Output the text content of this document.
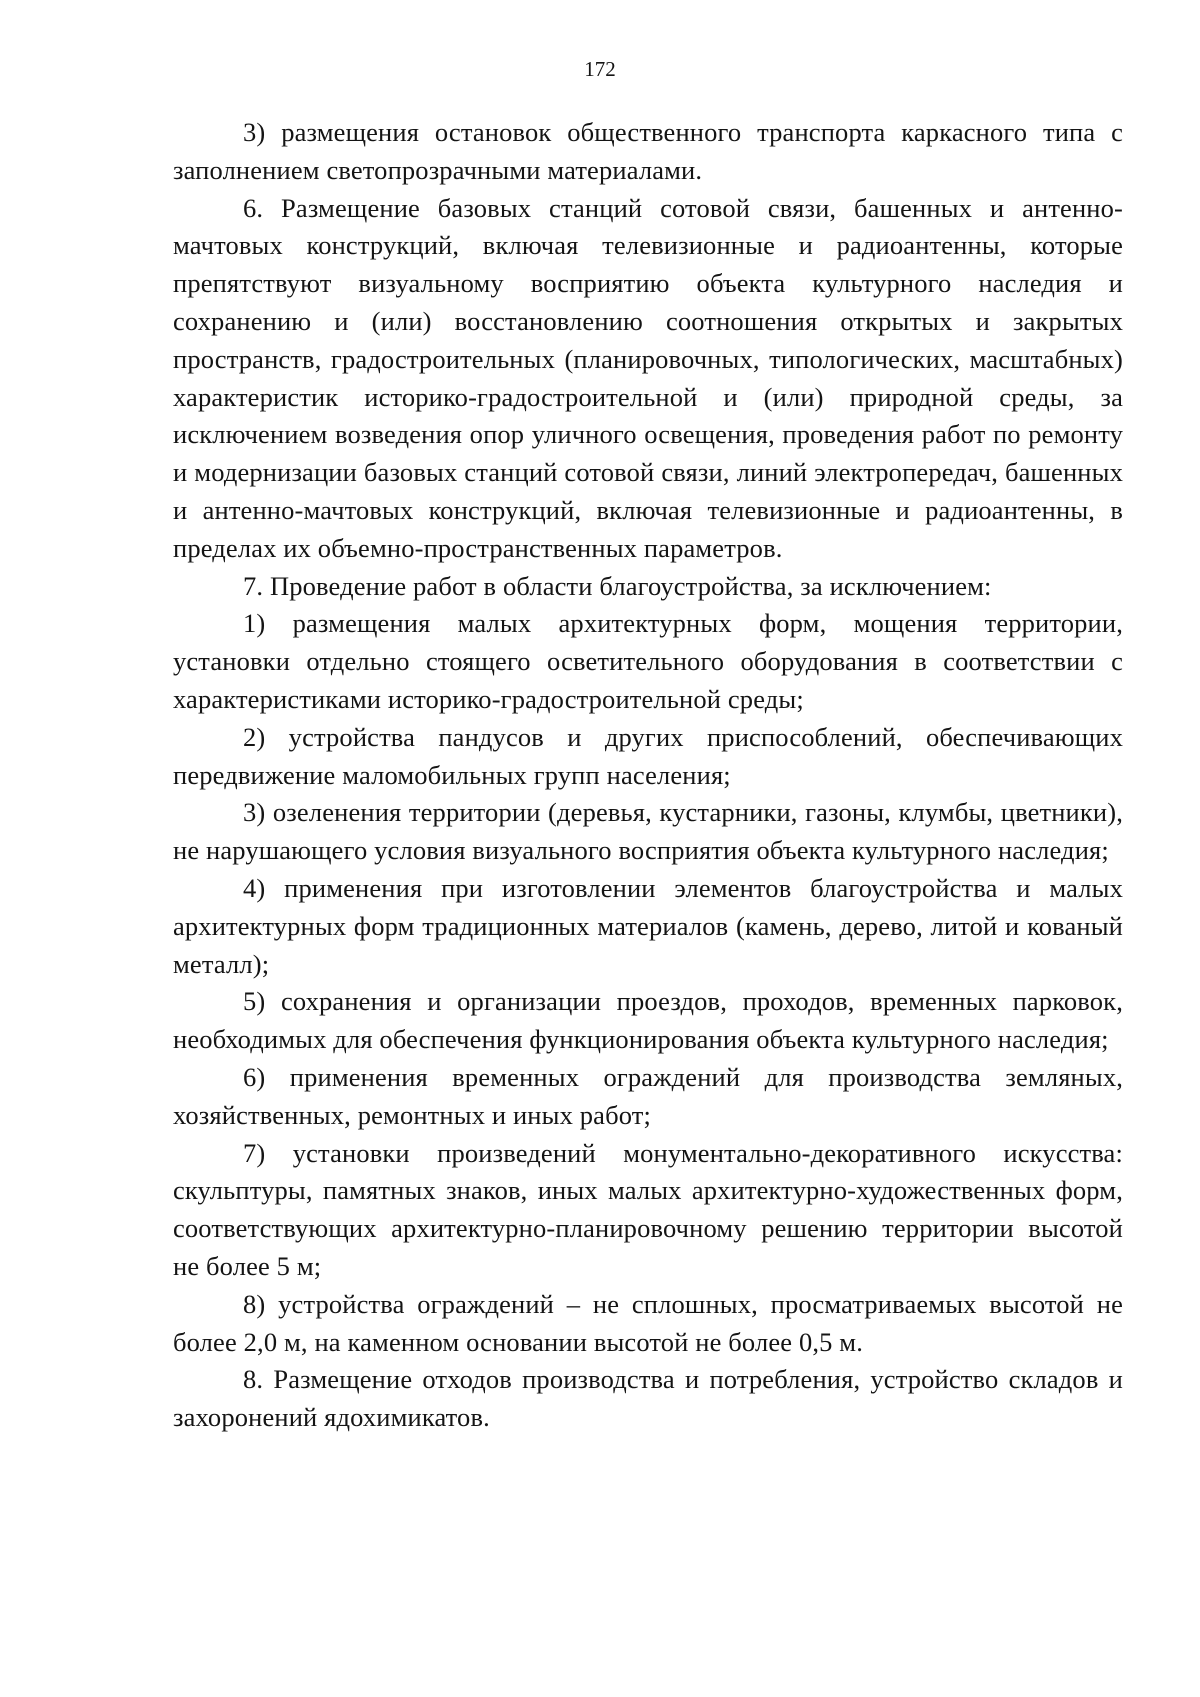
172

3) размещения остановок общественного транспорта каркасного типа с заполнением светопрозрачными материалами.

6. Размещение базовых станций сотовой связи, башенных и антенно-мачтовых конструкций, включая телевизионные и радиоантенны, которые препятствуют визуальному восприятию объекта культурного наследия и сохранению и (или) восстановлению соотношения открытых и закрытых пространств, градостроительных (планировочных, типологических, масштабных) характеристик историко-градостроительной и (или) природной среды, за исключением возведения опор уличного освещения, проведения работ по ремонту и модернизации базовых станций сотовой связи, линий электропередач, башенных и антенно-мачтовых конструкций, включая телевизионные и радиоантенны, в пределах их объемно-пространственных параметров.

7. Проведение работ в области благоустройства, за исключением:

1) размещения малых архитектурных форм, мощения территории, установки отдельно стоящего осветительного оборудования в соответствии с характеристиками историко-градостроительной среды;

2) устройства пандусов и других приспособлений, обеспечивающих передвижение маломобильных групп населения;

3) озеленения территории (деревья, кустарники, газоны, клумбы, цветники), не нарушающего условия визуального восприятия объекта культурного наследия;

4) применения при изготовлении элементов благоустройства и малых архитектурных форм традиционных материалов (камень, дерево, литой и кованый металл);

5) сохранения и организации проездов, проходов, временных парковок, необходимых для обеспечения функционирования объекта культурного наследия;

6) применения временных ограждений для производства земляных, хозяйственных, ремонтных и иных работ;

7) установки произведений монументально-декоративного искусства: скульптуры, памятных знаков, иных малых архитектурно-художественных форм, соответствующих архитектурно-планировочному решению территории высотой не более 5 м;

8) устройства ограждений – не сплошных, просматриваемых высотой не более 2,0 м, на каменном основании высотой не более 0,5 м.

8. Размещение отходов производства и потребления, устройство складов и захоронений ядохимикатов.
